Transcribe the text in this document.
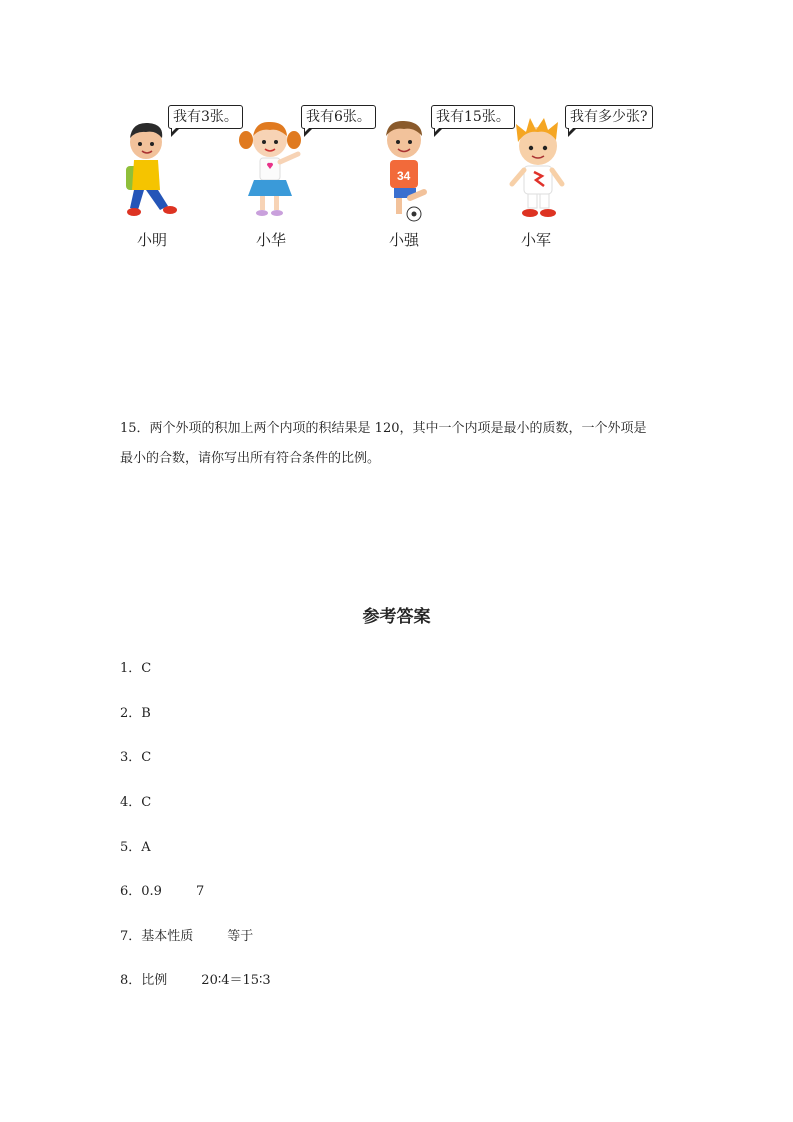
我有3张。
小明
我有6张。
小华
34
我有15张。
小强
我有多少张?
小军
15．两个外项的积加上两个内项的积结果是 120，其中一个内项是最小的质数，一个外项是
最小的合数，请你写出所有符合条件的比例。
参考答案
1．C
2．B
3．C
4．C
5．A
6．0.9	7
7．基本性质	等于
8．比例	20∶4＝15∶3
